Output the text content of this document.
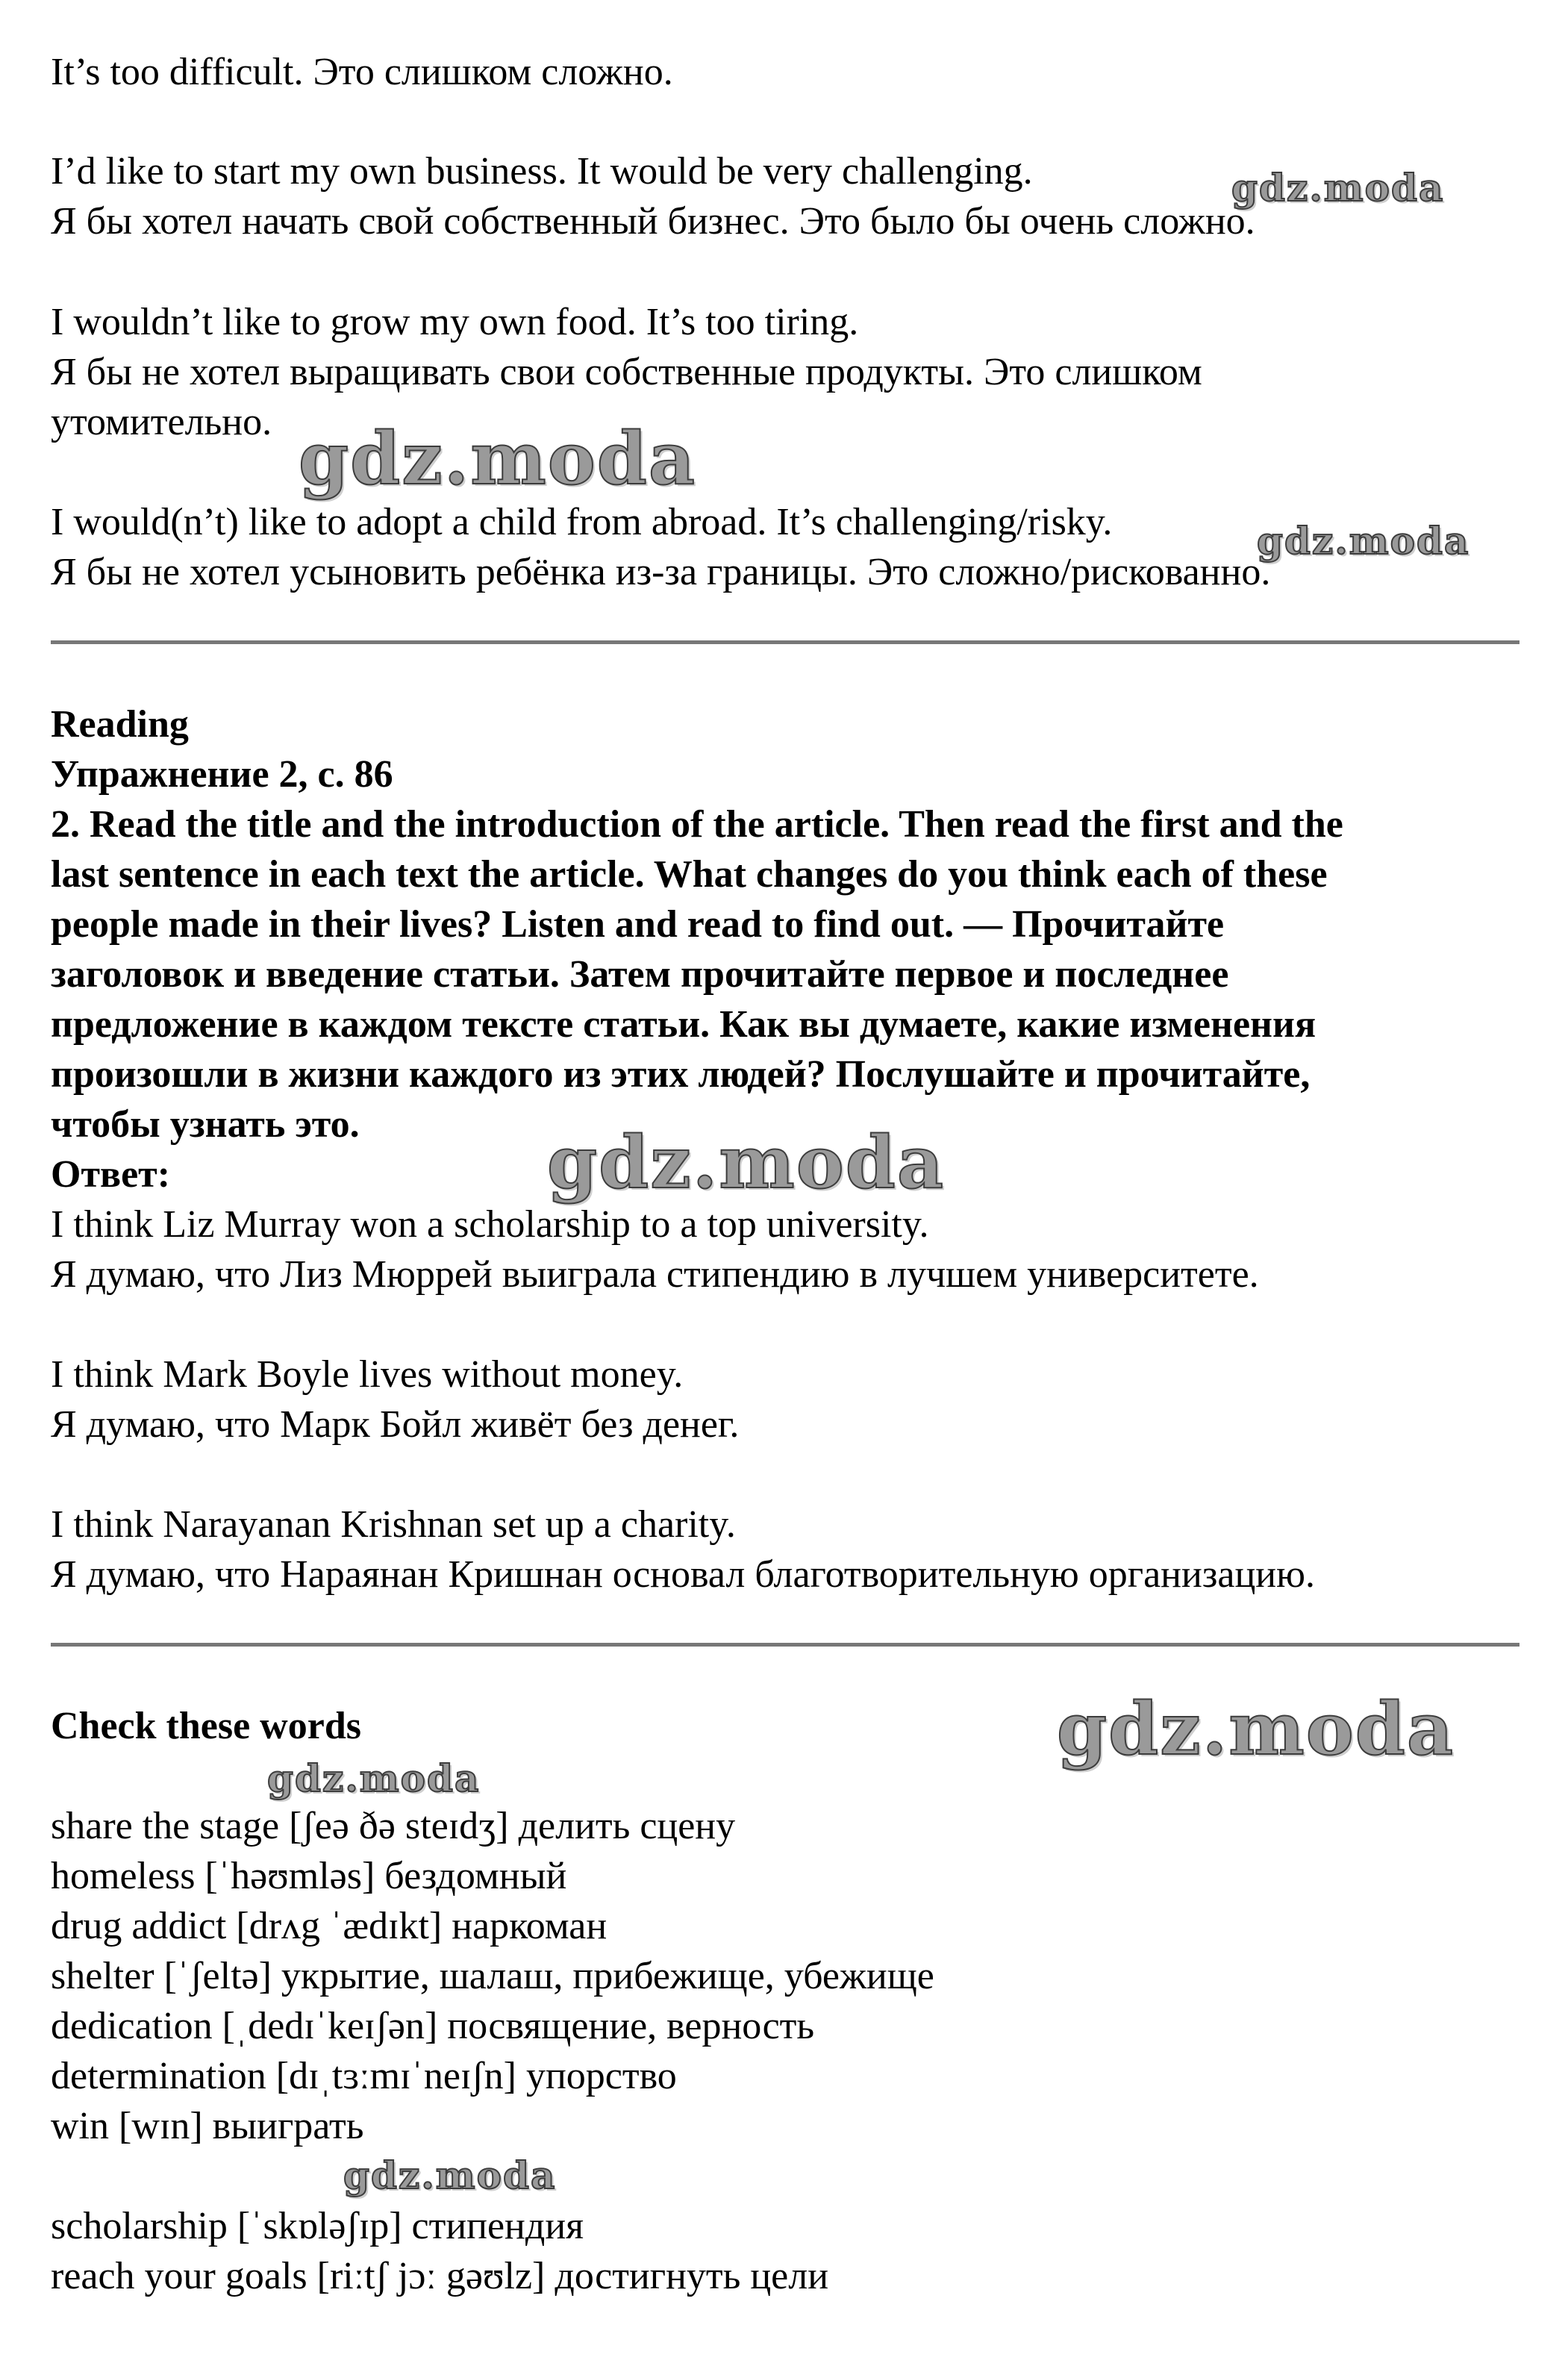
It’s too difficult. Это слишком сложно.

I’d like to start my own business. It would be very challenging.

Я бы хотел начать свой собственный бизнес. Это было бы очень сложно.

I wouldn’t like to grow my own food. It’s too tiring.

Я бы не хотел выращивать свои собственные продукты. Это слишком

утомительно.

I would(n’t) like to adopt a child from abroad. It’s challenging/risky.

Я бы не хотел усыновить ребёнка из-за границы. Это сложно/рискованно.

Reading

Упражнение 2, с. 86

2. Read the title and the introduction of the article. Then read the first and the

last sentence in each text the article. What changes do you think each of these

people made in their lives? Listen and read to find out. — Прочитайте

заголовок и введение статьи. Затем прочитайте первое и последнее

предложение в каждом тексте статьи. Как вы думаете, какие изменения

произошли в жизни каждого из этих людей? Послушайте и прочитайте,

чтобы узнать это.

Ответ:

I think Liz Murray won a scholarship to a top university.

Я думаю, что Лиз Мюррей выиграла стипендию в лучшем университете.

I think Mark Boyle lives without money.

Я думаю, что Марк Бойл живёт без денег.

I think Narayanan Krishnan set up a charity.

Я думаю, что Нараянан Кришнан основал благотворительную организацию.

Check these words

share the stage [ʃeə ðə steɪdʒ] делить сцену

homeless [ˈhəʊmləs] бездомный

drug addict [drʌg ˈædɪkt] наркоман

shelter [ˈʃeltə] укрытие, шалаш, прибежище, убежище

dedication [ˌdedɪˈkeɪʃən] посвящение, верность

determination [dɪˌtɜːmɪˈneɪʃn] упорство

win [wɪn] выиграть

scholarship [ˈskɒləʃɪp] стипендия

reach your goals [riːtʃ jɔː gəʊlz] достигнуть цели

gdz.moda
gdz.moda
gdz.moda
gdz.moda
gdz.moda
gdz.moda
gdz.moda
